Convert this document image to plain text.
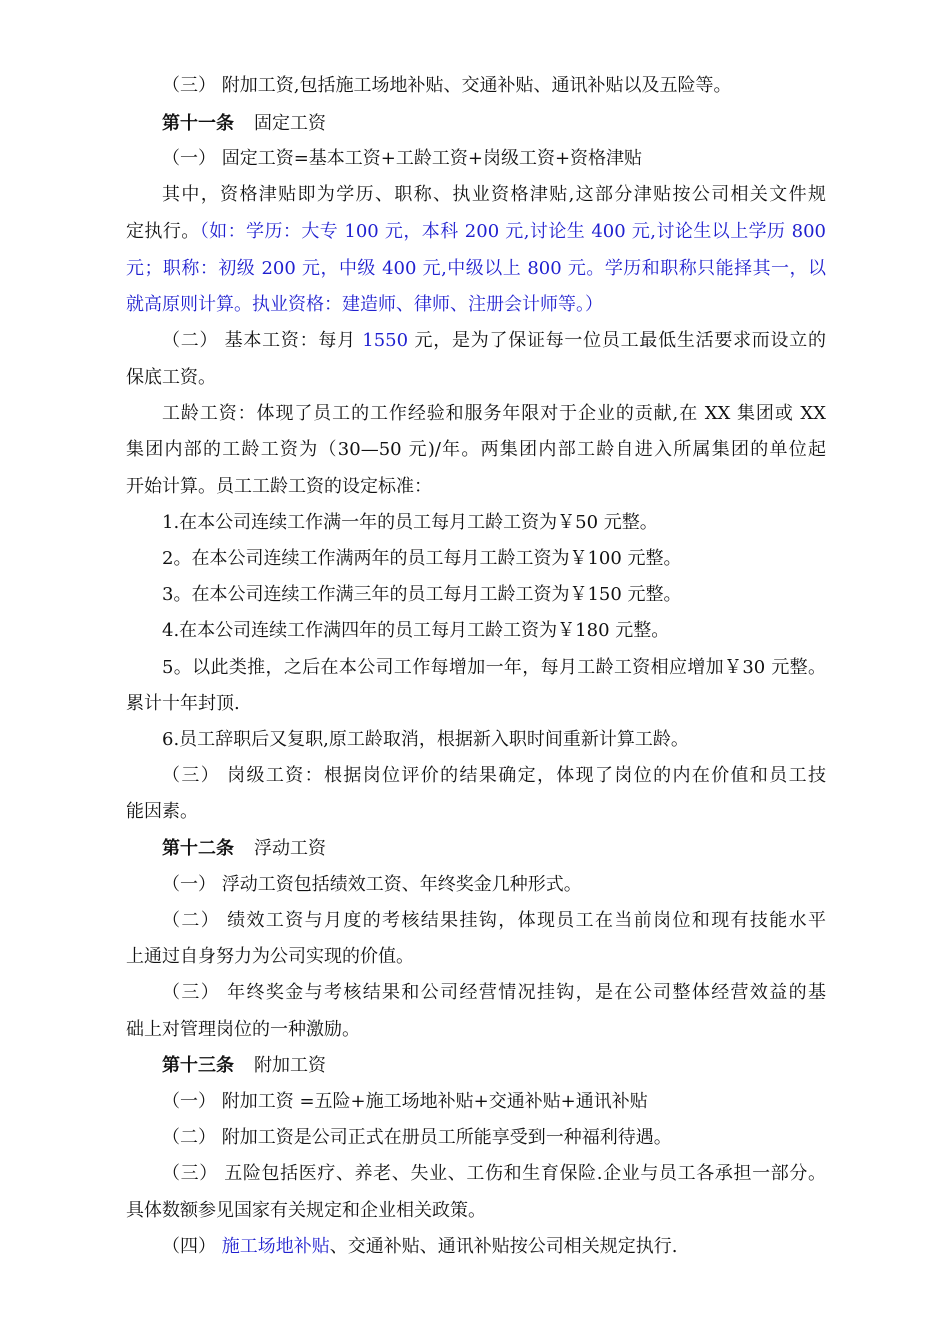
（三） 附加工资,包括施工场地补贴、交通补贴、通讯补贴以及五险等。
第十一条 固定工资
（一） 固定工资=基本工资+工龄工资+岗级工资+资格津贴
其中，资格津贴即为学历、职称、执业资格津贴,这部分津贴按公司相关文件规
定执行。（如：学历：大专 100 元，本科 200 元,讨论生 400 元,讨论生以上学历 800
元；职称：初级 200 元，中级 400 元,中级以上 800 元。学历和职称只能择其一，以
就高原则计算。执业资格：建造师、律师、注册会计师等。）
（二） 基本工资：每月 1550 元，是为了保证每一位员工最低生活要求而设立的
保底工资。
工龄工资：体现了员工的工作经验和服务年限对于企业的贡献,在 XX 集团或 XX
集团内部的工龄工资为（30—50 元)/年。两集团内部工龄自进入所属集团的单位起
开始计算。员工工龄工资的设定标准：
1.在本公司连续工作满一年的员工每月工龄工资为￥50 元整。
2。在本公司连续工作满两年的员工每月工龄工资为￥100 元整。
3。在本公司连续工作满三年的员工每月工龄工资为￥150 元整。
4.在本公司连续工作满四年的员工每月工龄工资为￥180 元整。
5。以此类推，之后在本公司工作每增加一年，每月工龄工资相应增加￥30 元整。
累计十年封顶.
6.员工辞职后又复职,原工龄取消，根据新入职时间重新计算工龄。
（三） 岗级工资：根据岗位评价的结果确定，体现了岗位的内在价值和员工技
能因素。
第十二条 浮动工资
（一） 浮动工资包括绩效工资、年终奖金几种形式。
（二） 绩效工资与月度的考核结果挂钩，体现员工在当前岗位和现有技能水平
上通过自身努力为公司实现的价值。
（三） 年终奖金与考核结果和公司经营情况挂钩，是在公司整体经营效益的基
础上对管理岗位的一种激励。
第十三条 附加工资
（一） 附加工资 =五险+施工场地补贴+交通补贴+通讯补贴
（二） 附加工资是公司正式在册员工所能享受到一种福利待遇。
（三） 五险包括医疗、养老、失业、工伤和生育保险.企业与员工各承担一部分。
具体数额参见国家有关规定和企业相关政策。
（四） 施工场地补贴、交通补贴、通讯补贴按公司相关规定执行.
